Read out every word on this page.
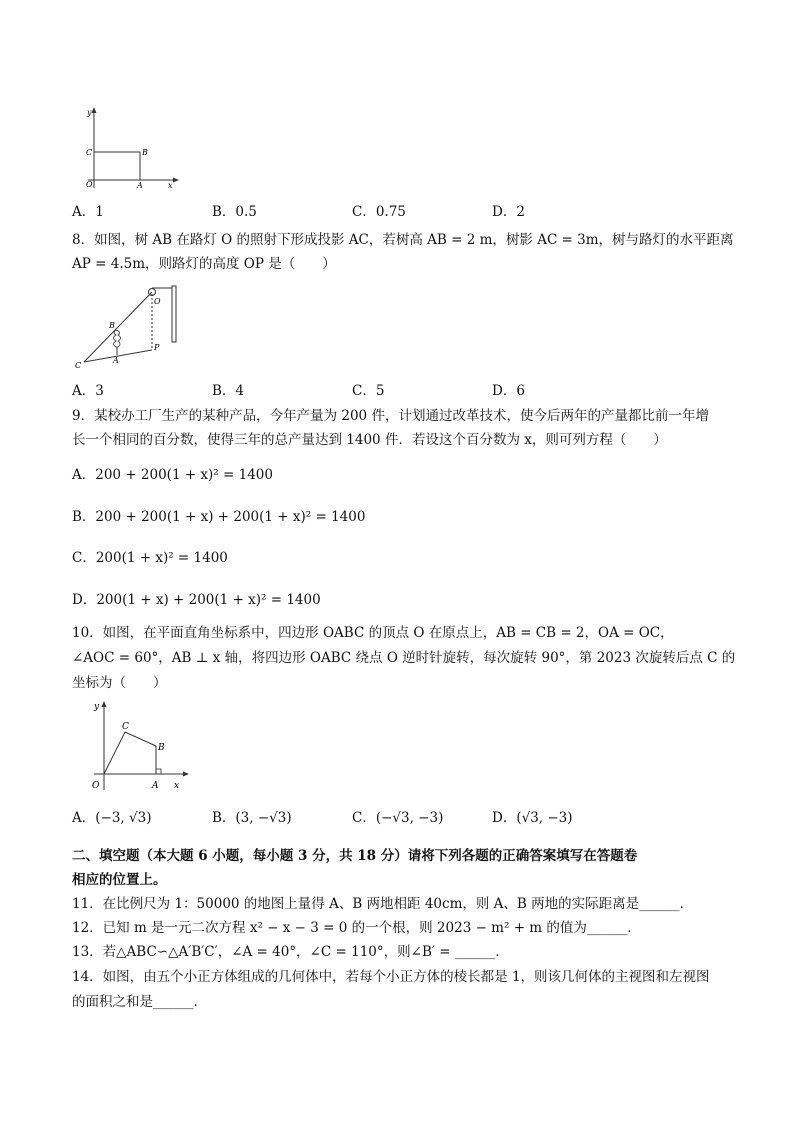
y
C	B
O	A	x
A．1	B．0.5	C．0.75	D．2
8．如图，树 AB 在路灯 O 的照射下形成投影 AC，若树高 AB = 2 m，树影 AC = 3m，树与路灯的水平距离
AP = 4.5m，则路灯的高度 OP 是（　　）
O
B
A
P
C
A．3	B．4	C．5	D．6
9．某校办工厂生产的某种产品，今年产量为 200 件，计划通过改革技术，使今后两年的产量都比前一年增
长一个相同的百分数，使得三年的总产量达到 1400 件．若设这个百分数为 x，则可列方程（　　）
A．200 + 200(1 + x)² = 1400
B．200 + 200(1 + x) + 200(1 + x)² = 1400
C．200(1 + x)² = 1400
D．200(1 + x) + 200(1 + x)² = 1400
10．如图，在平面直角坐标系中，四边形 OABC 的顶点 O 在原点上，AB = CB = 2，OA = OC，
∠AOC = 60°，AB ⊥ x 轴，将四边形 OABC 绕点 O 逆时针旋转，每次旋转 90°，第 2023 次旋转后点 C 的
坐标为（　　）
y
C
B
O	A x
A．(−3, √3)	B．(3, −√3)	C．(−√3, −3)	D．(√3, −3)
二、填空题（本大题 6 小题，每小题 3 分，共 18 分）请将下列各题的正确答案填写在答题卷
相应的位置上。
11．在比例尺为 1：50000 的地图上量得 A、B 两地相距 40cm，则 A、B 两地的实际距离是______．
12．已知 m 是一元二次方程 x² − x − 3 = 0 的一个根，则 2023 − m² + m 的值为______．
13．若△ABC∽△A′B′C′，∠A = 40°，∠C = 110°，则∠B′ = ______．
14．如图，由五个小正方体组成的几何体中，若每个小正方体的棱长都是 1，则该几何体的主视图和左视图
的面积之和是______．
